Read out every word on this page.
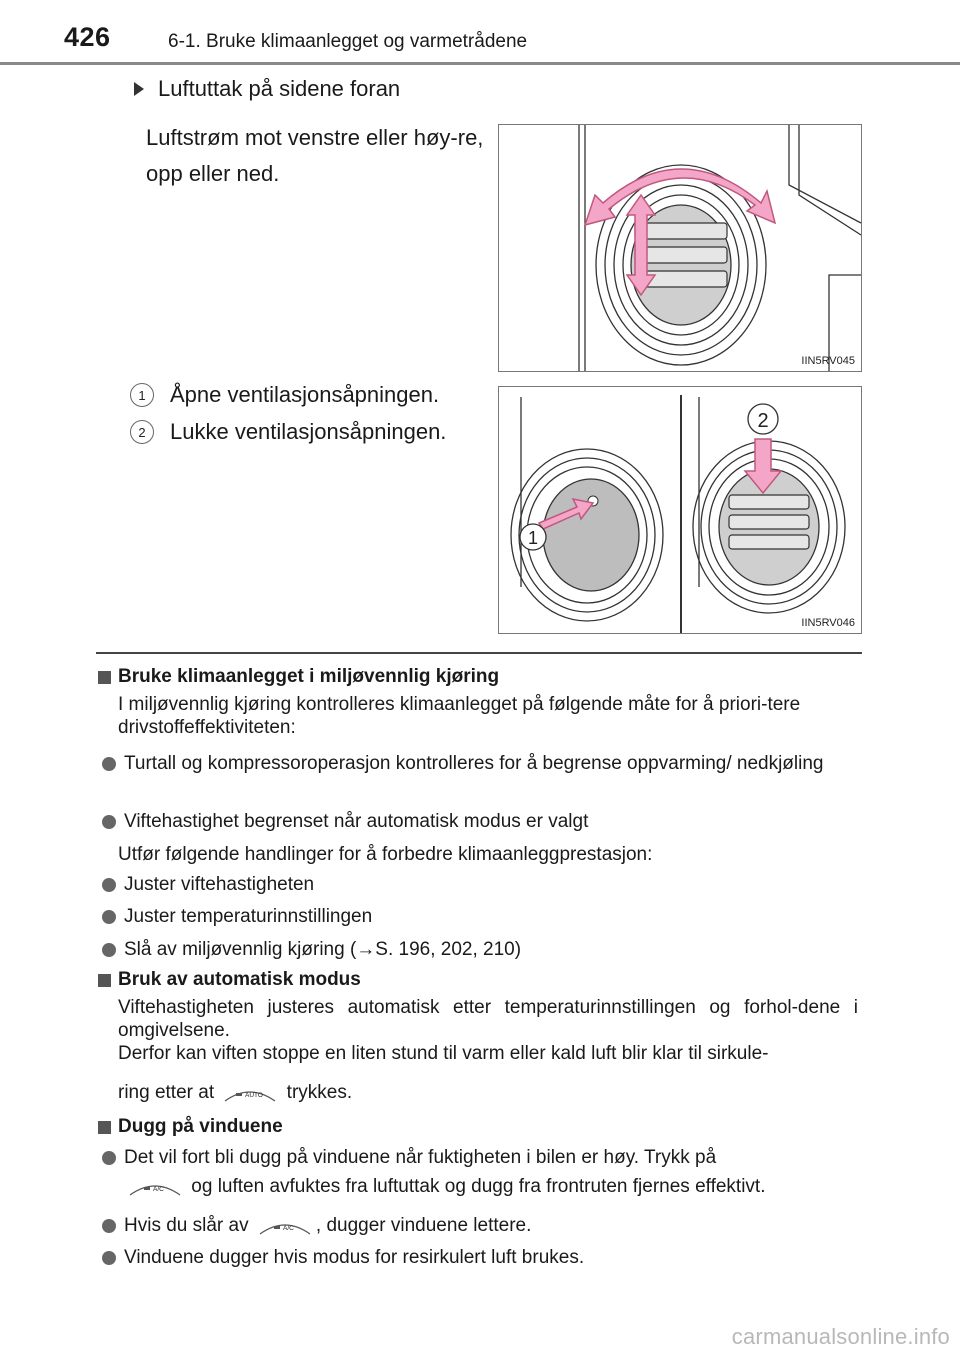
426	6-1. Bruke klimaanlegget og varmetrådene
Luftuttak på sidene foran
Luftstrøm mot venstre eller høy-re, opp eller ned.
IIN5RV045
1	Åpne ventilasjonsåpningen.
2	Lukke ventilasjonsåpningen.
1
2
IIN5RV046
Bruke klimaanlegget i miljøvennlig kjøring
I miljøvennlig kjøring kontrolleres klimaanlegget på følgende måte for å priori-tere drivstoffeffektiviteten:
Turtall og kompressoroperasjon kontrolleres for å begrense oppvarming/ nedkjøling
Viftehastighet begrenset når automatisk modus er valgt
Utfør følgende handlinger for å forbedre klimaanleggprestasjon:
Juster viftehastigheten
Juster temperaturinnstillingen
Slå av miljøvennlig kjøring (→S. 196, 202, 210)
Bruk av automatisk modus
Viftehastigheten justeres automatisk etter temperaturinnstillingen og forhol-dene i omgivelsene.
Derfor kan viften stoppe en liten stund til varm eller kald luft blir klar til sirkule-
ring etter at	AUTO trykkes.
Dugg på vinduene
Det vil fort bli dugg på vinduene når fuktigheten i bilen er høy. Trykk på
A/C og luften avfuktes fra luftuttak og dugg fra frontruten fjernes effektivt.
Hvis du slår av	A/C , dugger vinduene lettere.
Vinduene dugger hvis modus for resirkulert luft brukes.
carmanualsonline.info
